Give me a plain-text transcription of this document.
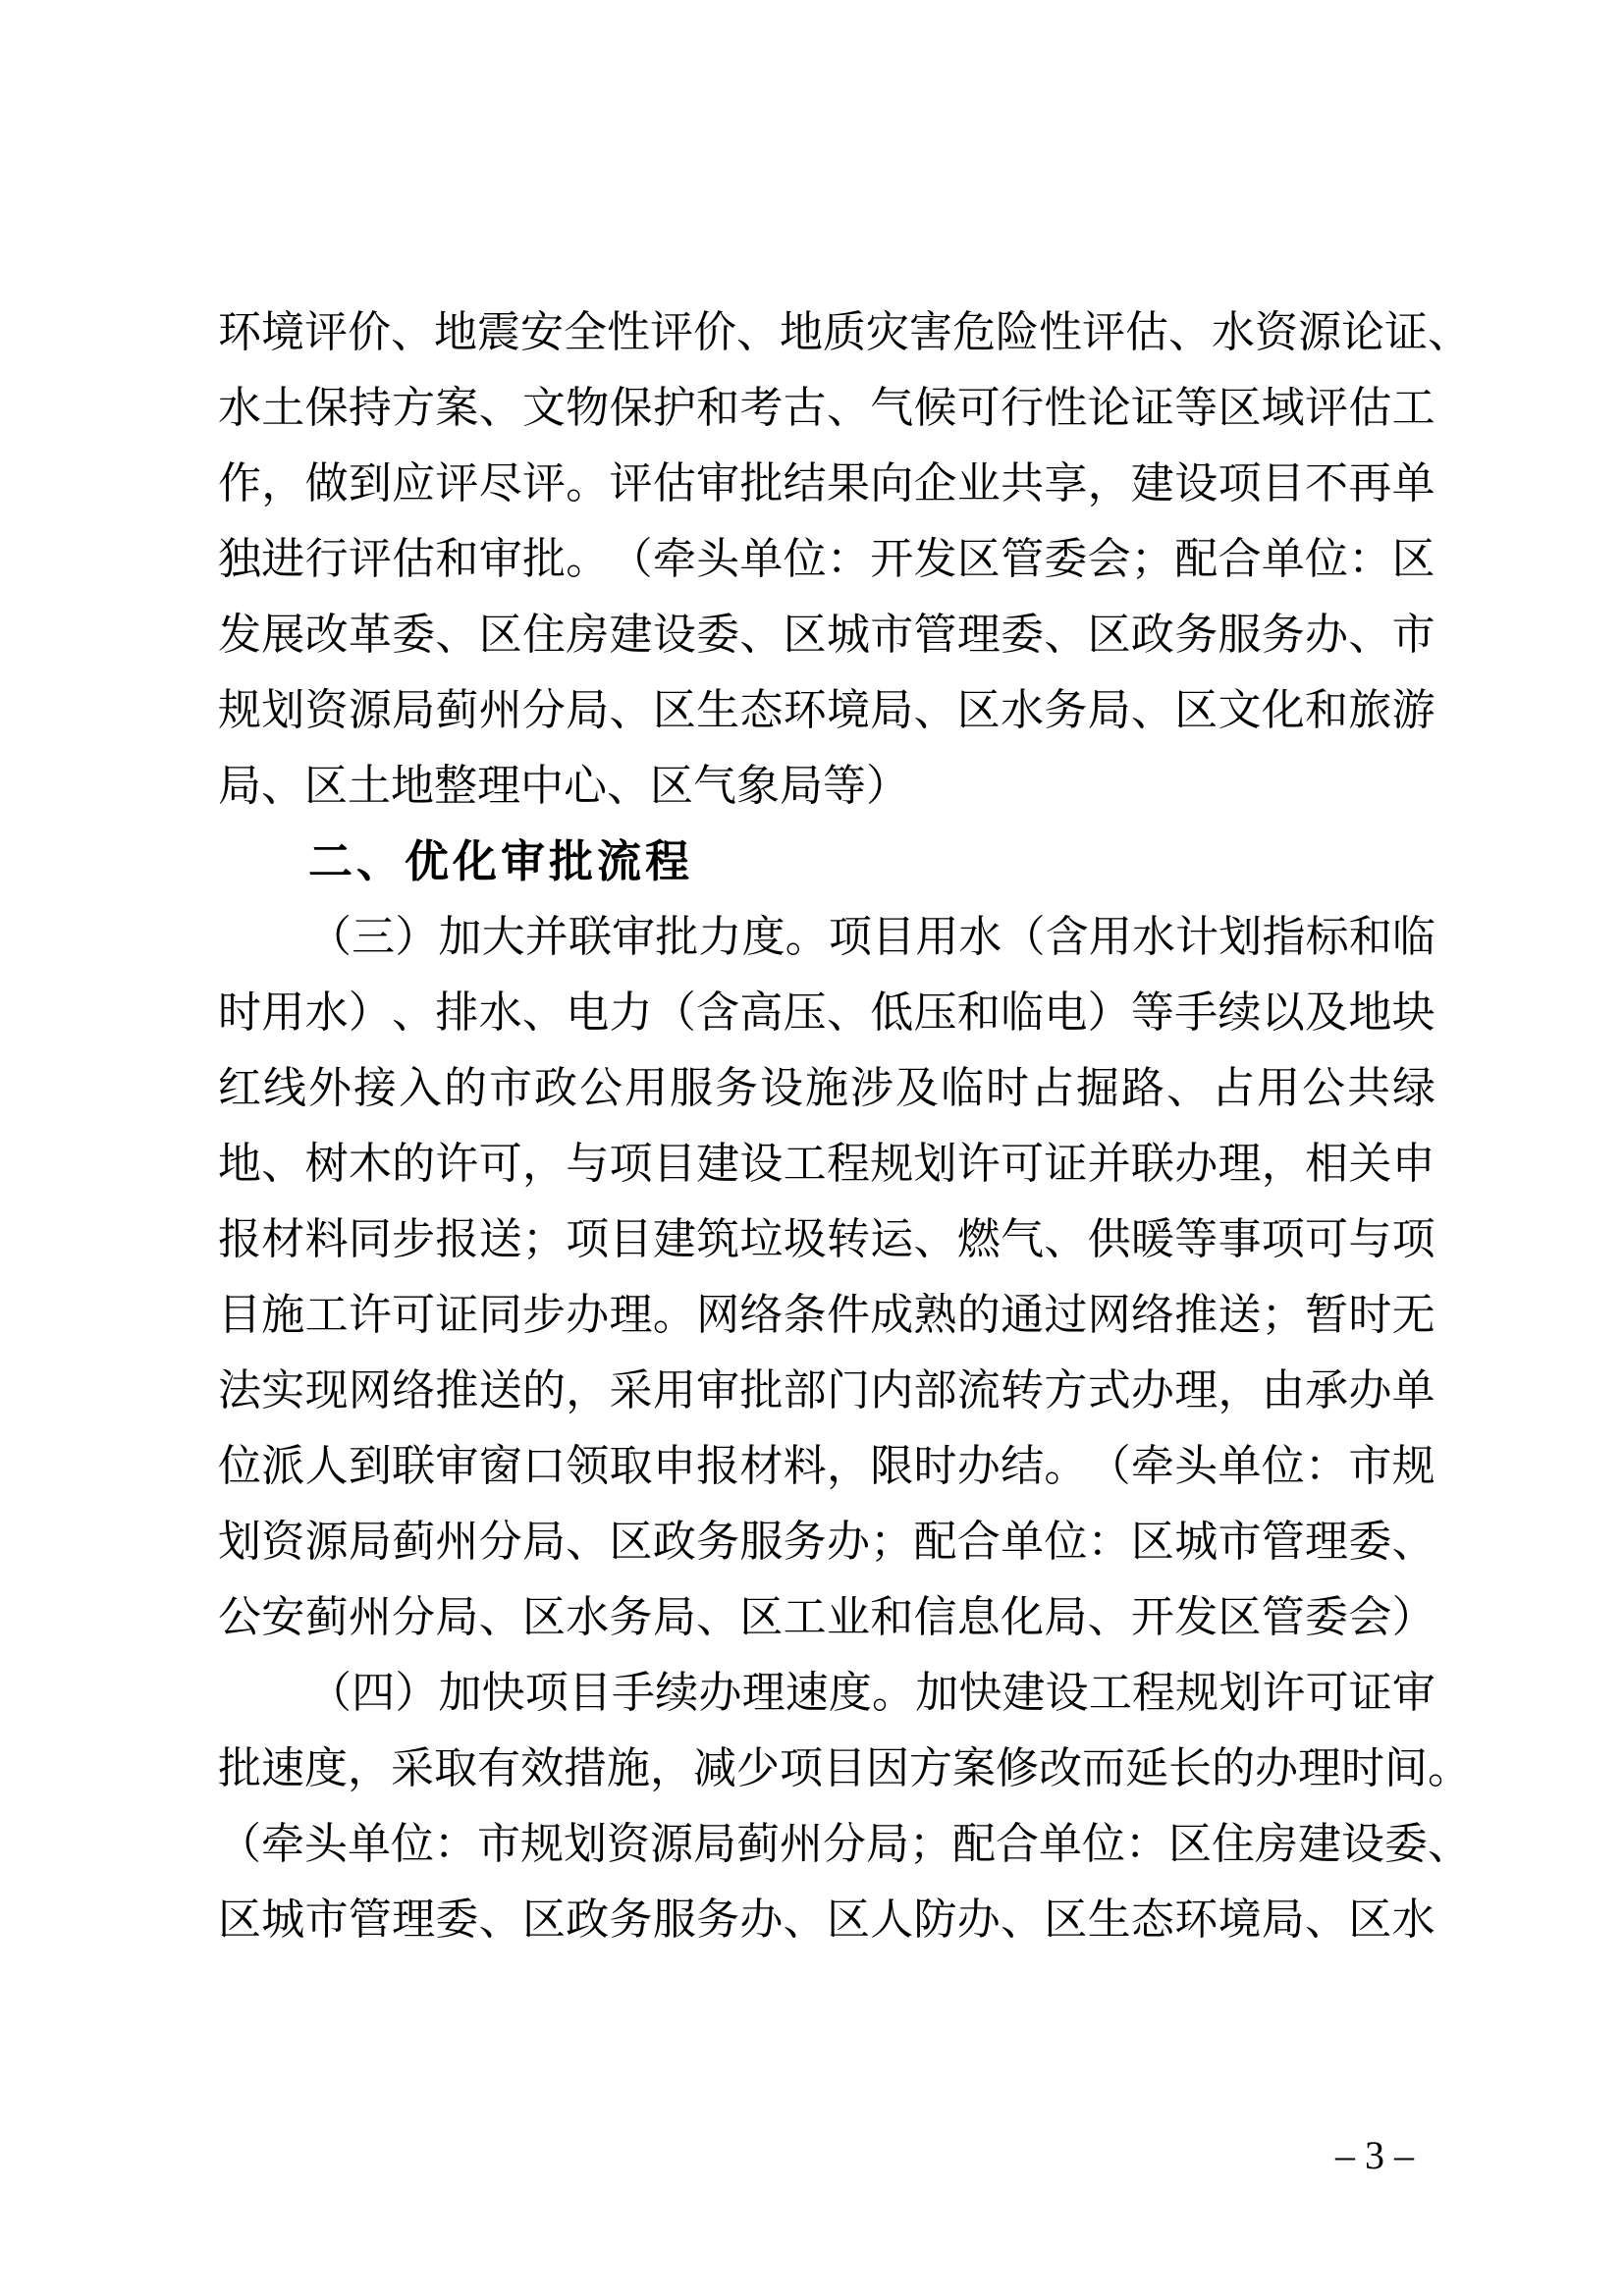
环 境 评 价 、 地 震 安 全 性 评 价 、 地 质 灾 害 危 险 性 评 估 、 水 资 源 论 证 、
水 土 保 持 方 案 、 文 物 保 护 和 考 古 、 气 候 可 行 性 论 证 等 区 域 评 估 工
作 ， 做 到 应 评 尽 评 。 评 估 审 批 结 果 向 企 业 共 享 ， 建 设 项 目 不 再 单
独 进 行 评 估 和 审 批 。 （ 牵 头 单 位 ： 开 发 区 管 委 会 ； 配 合 单 位 ： 区
发 展 改 革 委 、 区 住 房 建 设 委 、 区 城 市 管 理 委 、 区 政 务 服 务 办 、 市
规 划 资 源 局 蓟 州 分 局 、 区 生 态 环 境 局 、 区 水 务 局 、 区 文 化 和 旅 游
局、区土地整理中心、区气象局等）
二、优化审批流程
（ 三 ） 加 大 并 联 审 批 力 度 。 项 目 用 水 （ 含 用 水 计 划 指 标 和 临
时 用 水 ） 、 排 水 、 电 力 （ 含 高 压 、 低 压 和 临 电 ） 等 手 续 以 及 地 块
红 线 外 接 入 的 市 政 公 用 服 务 设 施 涉 及 临 时 占 掘 路 、 占 用 公 共 绿
地 、 树 木 的 许 可 ， 与 项 目 建 设 工 程 规 划 许 可 证 并 联 办 理 ， 相 关 申
报 材 料 同 步 报 送 ； 项 目 建 筑 垃 圾 转 运 、 燃 气 、 供 暖 等 事 项 可 与 项
目 施 工 许 可 证 同 步 办 理 。 网 络 条 件 成 熟 的 通 过 网 络 推 送 ； 暂 时 无
法 实 现 网 络 推 送 的 ， 采 用 审 批 部 门 内 部 流 转 方 式 办 理 ， 由 承 办 单
位 派 人 到 联 审 窗 口 领 取 申 报 材 料 ， 限 时 办 结 。 （ 牵 头 单 位 ： 市 规
划 资 源 局 蓟 州 分 局 、 区 政 务 服 务 办 ； 配 合 单 位 ： 区 城 市 管 理 委 、
公 安 蓟 州 分 局 、 区 水 务 局 、 区 工 业 和 信 息 化 局 、 开 发 区 管 委 会 ）
（ 四 ） 加 快 项 目 手 续 办 理 速 度 。 加 快 建 设 工 程 规 划 许 可 证 审
批 速 度 ， 采 取 有 效 措 施 ， 减 少 项 目 因 方 案 修 改 而 延 长 的 办 理 时 间 。
（ 牵 头 单 位 ： 市 规 划 资 源 局 蓟 州 分 局 ； 配 合 单 位 ： 区 住 房 建 设 委 、
区 城 市 管 理 委 、 区 政 务 服 务 办 、 区 人 防 办 、 区 生 态 环 境 局 、 区 水
– 3 –
